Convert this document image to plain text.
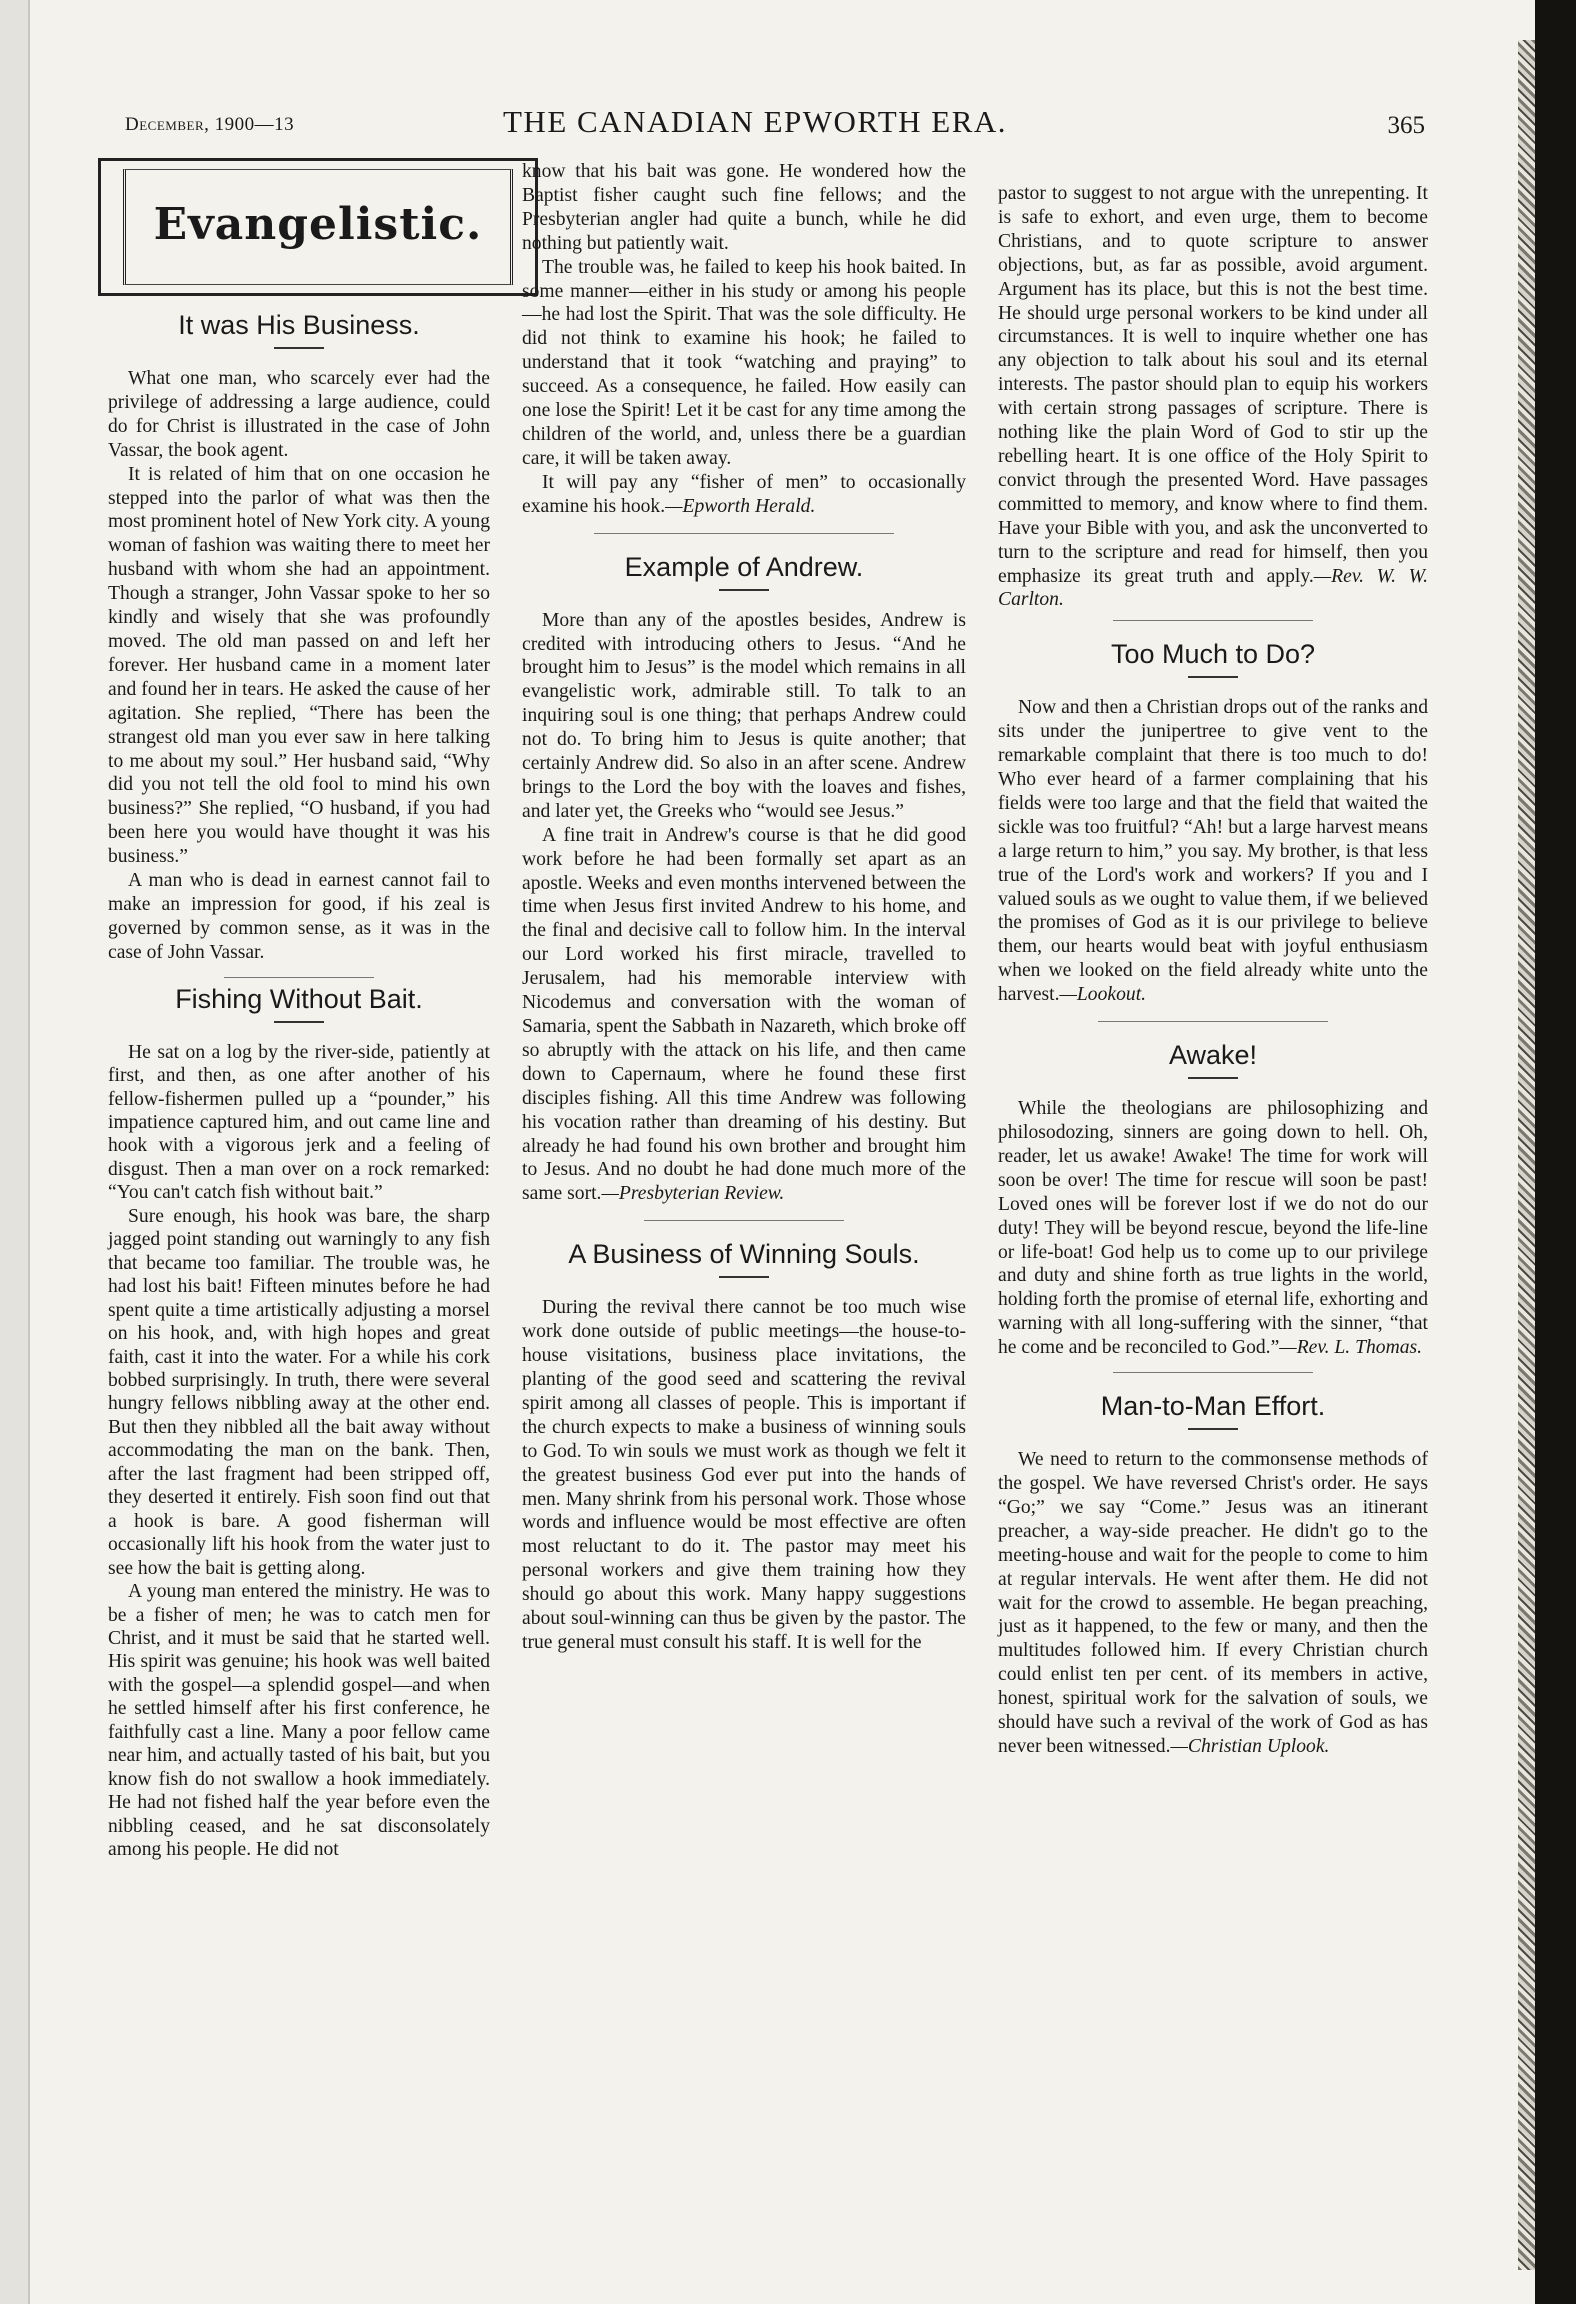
December, 1900—13	THE CANADIAN EPWORTH ERA.	365
Evangelistic.
It was His Business.

What one man, who scarcely ever had the privilege of addressing a large audience, could do for Christ is illustrated in the case of John Vassar, the book agent.

It is related of him that on one occasion he stepped into the parlor of what was then the most prominent hotel of New York city. A young woman of fashion was waiting there to meet her husband with whom she had an appointment. Though a stranger, John Vassar spoke to her so kindly and wisely that she was profoundly moved. The old man passed on and left her forever. Her husband came in a moment later and found her in tears. He asked the cause of her agitation. She replied, “There has been the strangest old man you ever saw in here talking to me about my soul.” Her husband said, “Why did you not tell the old fool to mind his own business?” She replied, “O husband, if you had been here you would have thought it was his business.”

A man who is dead in earnest cannot fail to make an impression for good, if his zeal is governed by common sense, as it was in the case of John Vassar.

Fishing Without Bait.

He sat on a log by the river-side, patiently at first, and then, as one after another of his fellow-fishermen pulled up a “pounder,” his impatience captured him, and out came line and hook with a vigorous jerk and a feeling of disgust. Then a man over on a rock remarked: “You can't catch fish without bait.”

Sure enough, his hook was bare, the sharp jagged point standing out warningly to any fish that became too familiar. The trouble was, he had lost his bait! Fifteen minutes before he had spent quite a time artistically adjusting a morsel on his hook, and, with high hopes and great faith, cast it into the water. For a while his cork bobbed surprisingly. In truth, there were several hungry fellows nibbling away at the other end. But then they nibbled all the bait away without accommodating the man on the bank. Then, after the last fragment had been stripped off, they deserted it entirely. Fish soon find out that a hook is bare. A good fisherman will occasionally lift his hook from the water just to see how the bait is getting along.

A young man entered the ministry. He was to be a fisher of men; he was to catch men for Christ, and it must be said that he started well. His spirit was genuine; his hook was well baited with the gospel—a splendid gospel—and when he settled himself after his first conference, he faithfully cast a line. Many a poor fellow came near him, and actually tasted of his bait, but you know fish do not swallow a hook immediately. He had not fished half the year before even the nibbling ceased, and he sat disconsolately among his people. He did not

know that his bait was gone. He wondered how the Baptist fisher caught such fine fellows; and the Presbyterian angler had quite a bunch, while he did nothing but patiently wait.

The trouble was, he failed to keep his hook baited. In some manner—either in his study or among his people—he had lost the Spirit. That was the sole difficulty. He did not think to examine his hook; he failed to understand that it took “watching and praying” to succeed. As a consequence, he failed. How easily can one lose the Spirit! Let it be cast for any time among the children of the world, and, unless there be a guardian care, it will be taken away.

It will pay any “fisher of men” to occasionally examine his hook.—Epworth Herald.

Example of Andrew.

More than any of the apostles besides, Andrew is credited with introducing others to Jesus. “And he brought him to Jesus” is the model which remains in all evangelistic work, admirable still. To talk to an inquiring soul is one thing; that perhaps Andrew could not do. To bring him to Jesus is quite another; that certainly Andrew did. So also in an after scene. Andrew brings to the Lord the boy with the loaves and fishes, and later yet, the Greeks who “would see Jesus.”

A fine trait in Andrew's course is that he did good work before he had been formally set apart as an apostle. Weeks and even months intervened between the time when Jesus first invited Andrew to his home, and the final and decisive call to follow him. In the interval our Lord worked his first miracle, travelled to Jerusalem, had his memorable interview with Nicodemus and conversation with the woman of Samaria, spent the Sabbath in Nazareth, which broke off so abruptly with the attack on his life, and then came down to Capernaum, where he found these first disciples fishing. All this time Andrew was following his vocation rather than dreaming of his destiny. But already he had found his own brother and brought him to Jesus. And no doubt he had done much more of the same sort.—Presbyterian Review.

A Business of Winning Souls.

During the revival there cannot be too much wise work done outside of public meetings—the house-to-house visitations, business place invitations, the planting of the good seed and scattering the revival spirit among all classes of people. This is important if the church expects to make a business of winning souls to God. To win souls we must work as though we felt it the greatest business God ever put into the hands of men. Many shrink from his personal work. Those whose words and influence would be most effective are often most reluctant to do it. The pastor may meet his personal workers and give them training how they should go about this work. Many happy suggestions about soul-winning can thus be given by the pastor. The true general must consult his staff. It is well for the

pastor to suggest to not argue with the unrepenting. It is safe to exhort, and even urge, them to become Christians, and to quote scripture to answer objections, but, as far as possible, avoid argument. Argument has its place, but this is not the best time. He should urge personal workers to be kind under all circumstances. It is well to inquire whether one has any objection to talk about his soul and its eternal interests. The pastor should plan to equip his workers with certain strong passages of scripture. There is nothing like the plain Word of God to stir up the rebelling heart. It is one office of the Holy Spirit to convict through the presented Word. Have passages committed to memory, and know where to find them. Have your Bible with you, and ask the unconverted to turn to the scripture and read for himself, then you emphasize its great truth and apply.—Rev. W. W. Carlton.

Too Much to Do?

Now and then a Christian drops out of the ranks and sits under the junipertree to give vent to the remarkable complaint that there is too much to do! Who ever heard of a farmer complaining that his fields were too large and that the field that waited the sickle was too fruitful? “Ah! but a large harvest means a large return to him,” you say. My brother, is that less true of the Lord's work and workers? If you and I valued souls as we ought to value them, if we believed the promises of God as it is our privilege to believe them, our hearts would beat with joyful enthusiasm when we looked on the field already white unto the harvest.—Lookout.

Awake!

While the theologians are philosophizing and philosodozing, sinners are going down to hell. Oh, reader, let us awake! Awake! The time for work will soon be over! The time for rescue will soon be past! Loved ones will be forever lost if we do not do our duty! They will be beyond rescue, beyond the life-line or life-boat! God help us to come up to our privilege and duty and shine forth as true lights in the world, holding forth the promise of eternal life, exhorting and warning with all long-suffering with the sinner, “that he come and be reconciled to God.”—Rev. L. Thomas.

Man-to-Man Effort.

We need to return to the commonsense methods of the gospel. We have reversed Christ's order. He says “Go;” we say “Come.” Jesus was an itinerant preacher, a way-side preacher. He didn't go to the meeting-house and wait for the people to come to him at regular intervals. He went after them. He did not wait for the crowd to assemble. He began preaching, just as it happened, to the few or many, and then the multitudes followed him. If every Christian church could enlist ten per cent. of its members in active, honest, spiritual work for the salvation of souls, we should have such a revival of the work of God as has never been witnessed.—Christian Uplook.
